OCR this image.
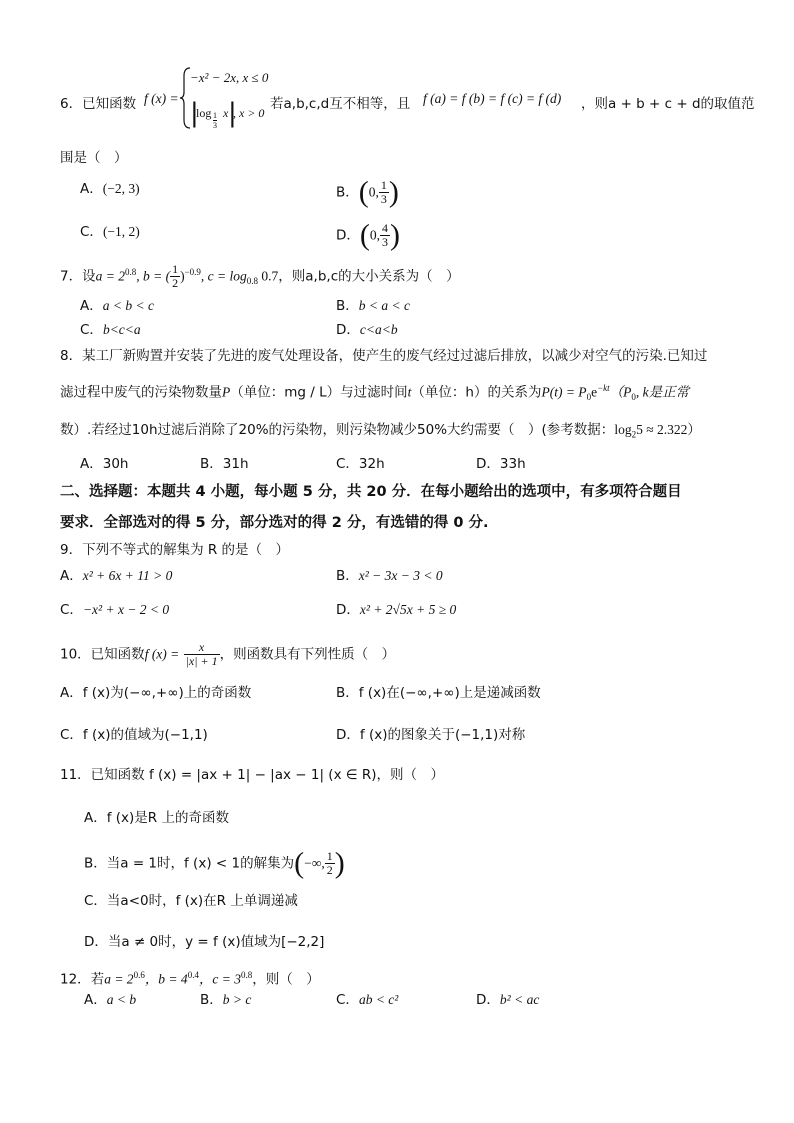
6．已知函数 f (x) =
−x² − 2x, x ≤ 0
|
log 1
3
x |
, x > 0
若a,b,c,d互不相等，且 f (a) = f (b) = f (c) = f (d) ，则a + b + c + d的取值范
围是（　）
A．(−2, 3)	B．(0, $\frac{1}{3}$ )
C．(−1, 2)	D．(0, $\frac{4}{3}$ )
7．设$a = 2^{0.8}$, b = ( $\frac{1}{2} )^{-0.9}$, $c = \log_{0.8} 0.7$，则a,b,c的大小关系为（　）
A．a < b < c	B．b < a < c
C．b<c<a	D．c<a<b
8．某工厂新购置并安装了先进的废气处理设备，使产生的废气经过过滤后排放，以减少对空气的污染.已知过
滤过程中废气的污染物数量P（单位：mg / L）与过滤时间t（单位：h）的关系为$P(t) = P_0e^{-kt}(P_0$, k是正常
数）.若经过10h过滤后消除了20%的污染物，则污染物减少50%大约需要（　）(参考数据：$\log_25 \approx 2.322$）
A．30h	B．31h	C．32h	D．33h
二、选择题：本题共 4 小题，每小题 5 分，共 20 分．在每小题给出的选项中，有多项符合题目
要求．全部选对的得 5 分，部分选对的得 2 分，有选错的得 0 分.
9．下列不等式的解集为 R 的是（　）
A．x² + 6x + 11 > 0	B．x² − 3x − 3 < 0
C．−x² + x − 2 < 0	D．x² + 2√5x + 5 ≥ 0
10．已知函数f $(x) = \frac{x}{|x| + 1}$ ，则函数具有下列性质（　）
A．f (x)为(−∞,+∞)上的奇函数	B．f (x)在(−∞,+∞)上是递减函数
C．f (x)的值域为(−1,1)	D．f (x)的图象关于(−1,1)对称
11．已知函数 f (x) = |ax + 1| − |ax − 1| (x ∈ R)，则（　）
A．f (x)是R 上的奇函数
B．当a = 1时，f (x) < 1的解集为(−∞, $\frac{1}{2}$ )
C．当a<0时，f (x)在R 上单调递减
D．当a ≠ 0时，y = f (x)值域为[−2,2]
12．若$a = 2^{0.6}$，$b = 4^{0.4}$，$c = 3^{0.8}$，则（　）
A．a < b	B．b > c	C．ab < c²	D．b² < ac
